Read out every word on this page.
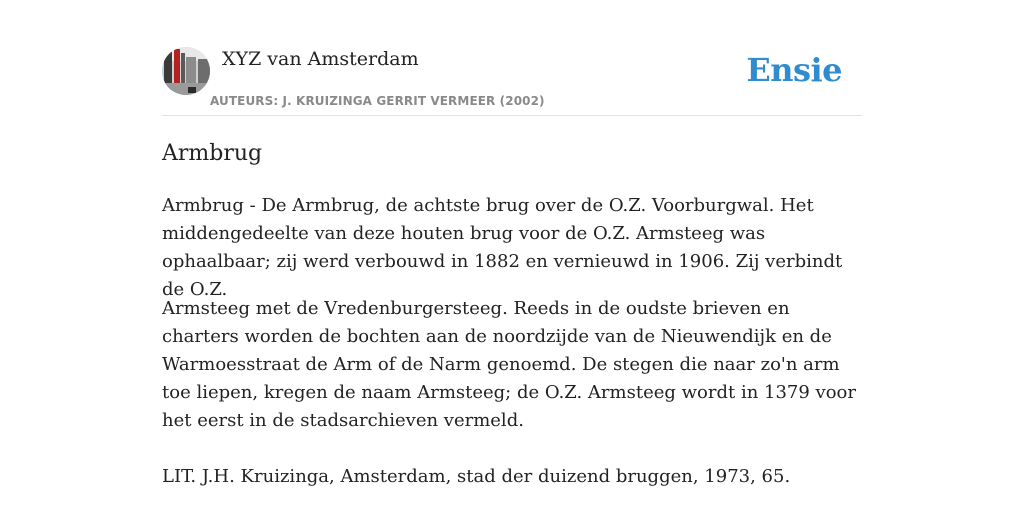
XYZ van Amsterdam
AUTEURS: J. KRUIZINGA GERRIT VERMEER (2002)
Ensie
Armbrug

Armbrug - De Armbrug, de achtste brug over de O.Z. Voorburgwal. Het middengedeelte van deze houten brug voor de O.Z. Armsteeg was ophaalbaar; zij werd verbouwd in 1882 en vernieuwd in 1906. Zij verbindt de O.Z.

Armsteeg met de Vredenburgersteeg. Reeds in de oudste brieven en charters worden de bochten aan de noordzijde van de Nieuwendijk en de Warmoesstraat de Arm of de Narm genoemd. De stegen die naar zo'n arm toe liepen, kregen de naam Armsteeg; de O.Z. Armsteeg wordt in 1379 voor het eerst in de stadsarchieven vermeld.

LIT. J.H. Kruizinga, Amsterdam, stad der duizend bruggen, 1973, 65.
